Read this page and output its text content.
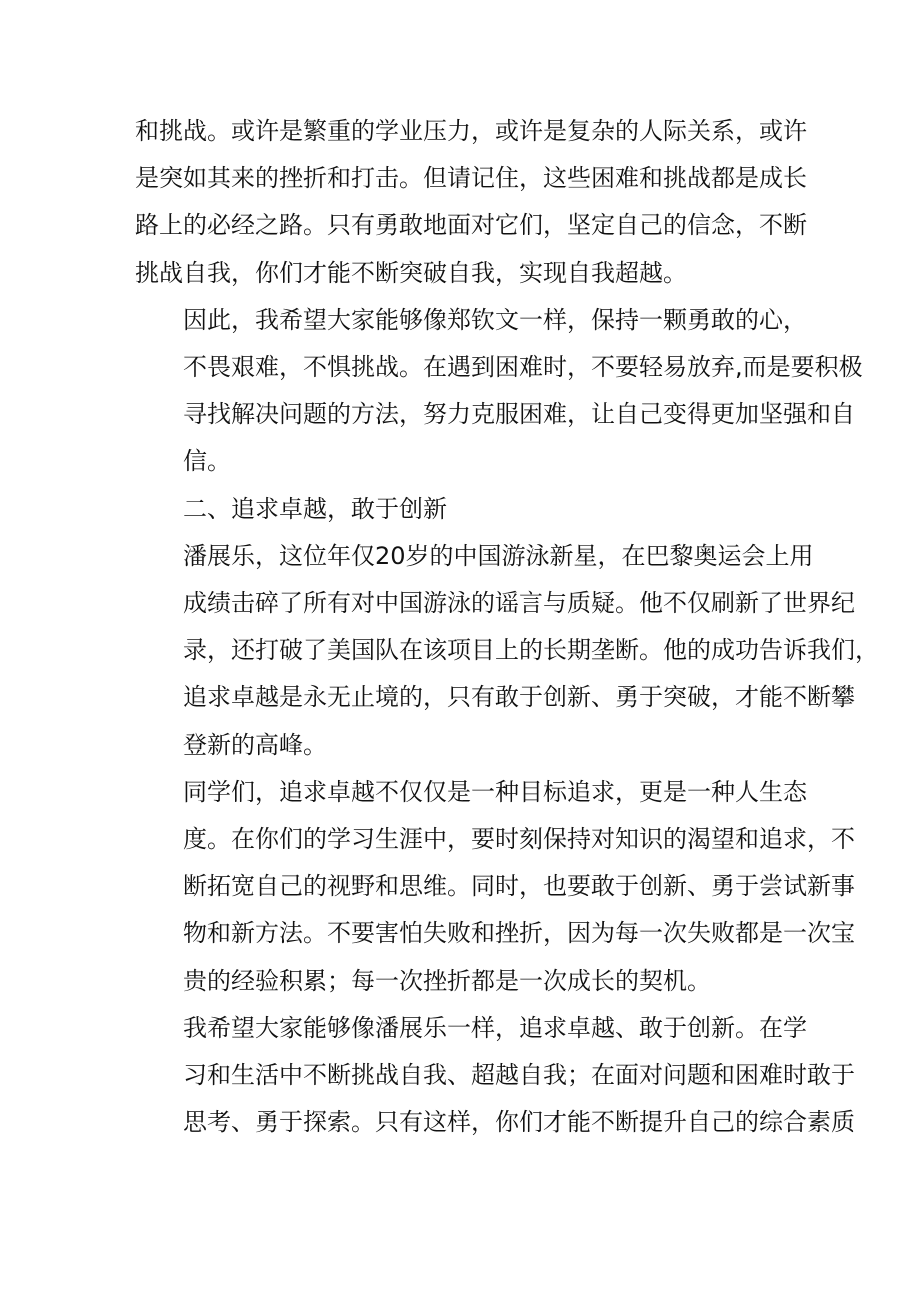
和挑战。或许是繁重的学业压力，或许是复杂的人际关系，或许
是突如其来的挫折和打击。但请记住，这些困难和挑战都是成长
路上的必经之路。只有勇敢地面对它们，坚定自己的信念，不断
挑战自我，你们才能不断突破自我，实现自我超越。

因此，我希望大家能够像郑钦文一样，保持一颗勇敢的心，
不畏艰难，不惧挑战。在遇到困难时，不要轻易放弃,而是要积极
寻找解决问题的方法，努力克服困难，让自己变得更加坚强和自
信。

二、追求卓越，敢于创新

潘展乐，这位年仅20岁的中国游泳新星，在巴黎奥运会上用
成绩击碎了所有对中国游泳的谣言与质疑。他不仅刷新了世界纪
录，还打破了美国队在该项目上的长期垄断。他的成功告诉我们，
追求卓越是永无止境的，只有敢于创新、勇于突破，才能不断攀
登新的高峰。

同学们，追求卓越不仅仅是一种目标追求，更是一种人生态
度。在你们的学习生涯中，要时刻保持对知识的渴望和追求，不
断拓宽自己的视野和思维。同时，也要敢于创新、勇于尝试新事
物和新方法。不要害怕失败和挫折，因为每一次失败都是一次宝
贵的经验积累；每一次挫折都是一次成长的契机。

我希望大家能够像潘展乐一样，追求卓越、敢于创新。在学
习和生活中不断挑战自我、超越自我；在面对问题和困难时敢于
思考、勇于探索。只有这样，你们才能不断提升自己的综合素质
